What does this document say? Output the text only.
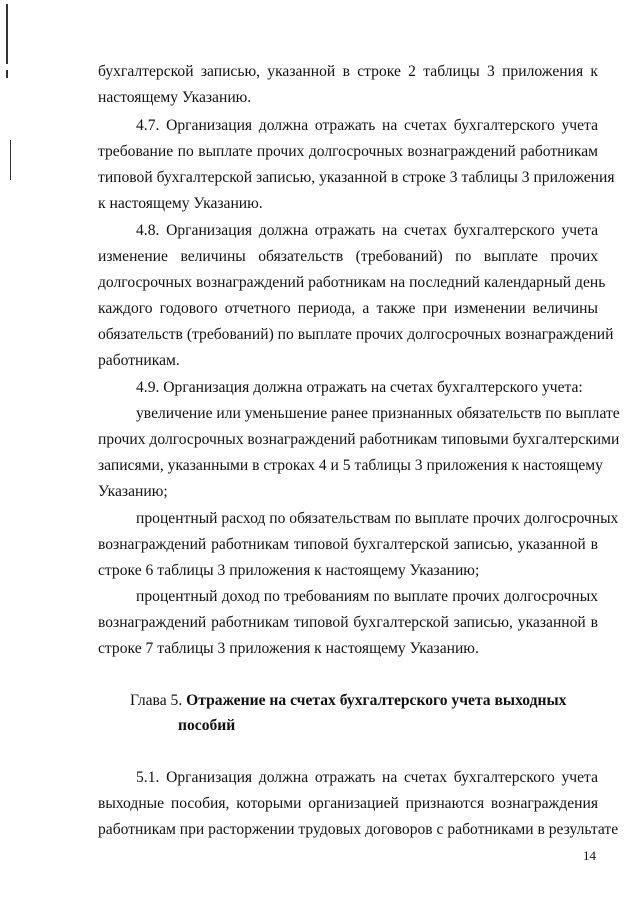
бухгалтерской записью, указанной в строке 2 таблицы 3 приложения к
настоящему Указанию.
4.7. Организация должна отражать на счетах бухгалтерского учета
требование по выплате прочих долгосрочных вознаграждений работникам
типовой бухгалтерской записью, указанной в строке 3 таблицы 3 приложения
к настоящему Указанию.
4.8. Организация должна отражать на счетах бухгалтерского учета
изменение величины обязательств (требований) по выплате прочих
долгосрочных вознаграждений работникам на последний календарный день
каждого годового отчетного периода, а также при изменении величины
обязательств (требований) по выплате прочих долгосрочных вознаграждений
работникам.
4.9. Организация должна отражать на счетах бухгалтерского учета:
увеличение или уменьшение ранее признанных обязательств по выплате
прочих долгосрочных вознаграждений работникам типовыми бухгалтерскими
записями, указанными в строках 4 и 5 таблицы 3 приложения к настоящему
Указанию;
процентный расход по обязательствам по выплате прочих долгосрочных
вознаграждений работникам типовой бухгалтерской записью, указанной в
строке 6 таблицы 3 приложения к настоящему Указанию;
процентный доход по требованиям по выплате прочих долгосрочных
вознаграждений работникам типовой бухгалтерской записью, указанной в
строке 7 таблицы 3 приложения к настоящему Указанию.
Глава 5. Отражение на счетах бухгалтерского учета выходных
пособий
5.1. Организация должна отражать на счетах бухгалтерского учета
выходные пособия, которыми организацией признаются вознаграждения
работникам при расторжении трудовых договоров с работниками в результате
14
